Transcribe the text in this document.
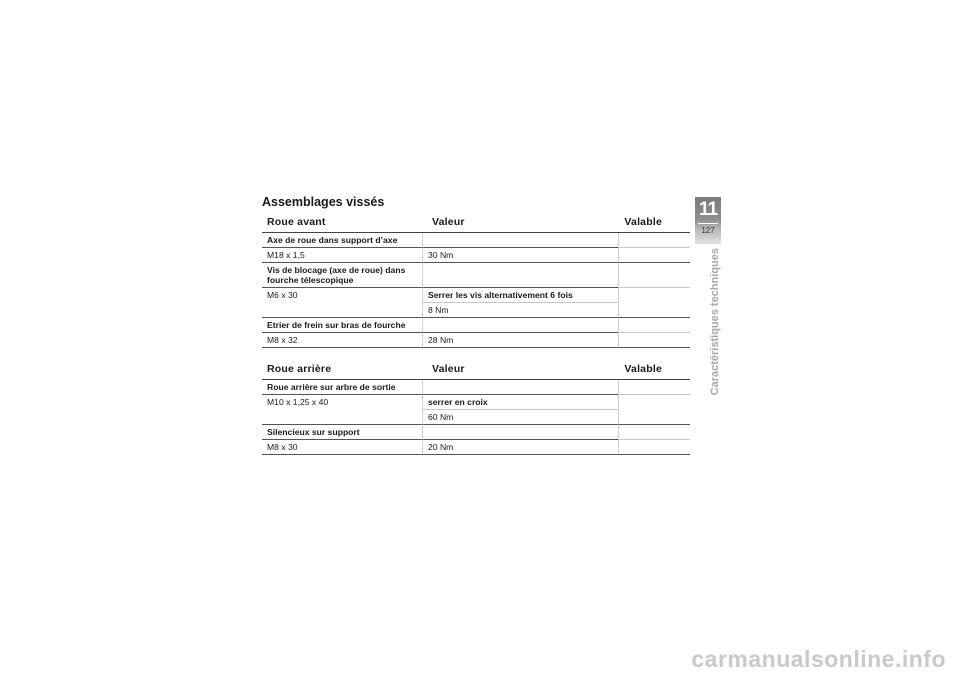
Assemblages vissés
Roue avant	Valeur	Valable
Axe de roue dans support d’axe
M18 x 1,5	30 Nm
Vis de blocage (axe de roue) dans fourche télescopique
M6 x 30	Serrer les vis alternativement 6 fois
8 Nm
Etrier de frein sur bras de fourche
M8 x 32	28 Nm
Roue arrière	Valeur	Valable
Roue arrière sur arbre de sortie
M10 x 1,25 x 40	serrer en croix
60 Nm
Silencieux sur support
M8 x 30	20 Nm
11
127
Caractéristiques techniques
carmanualsonline.info
